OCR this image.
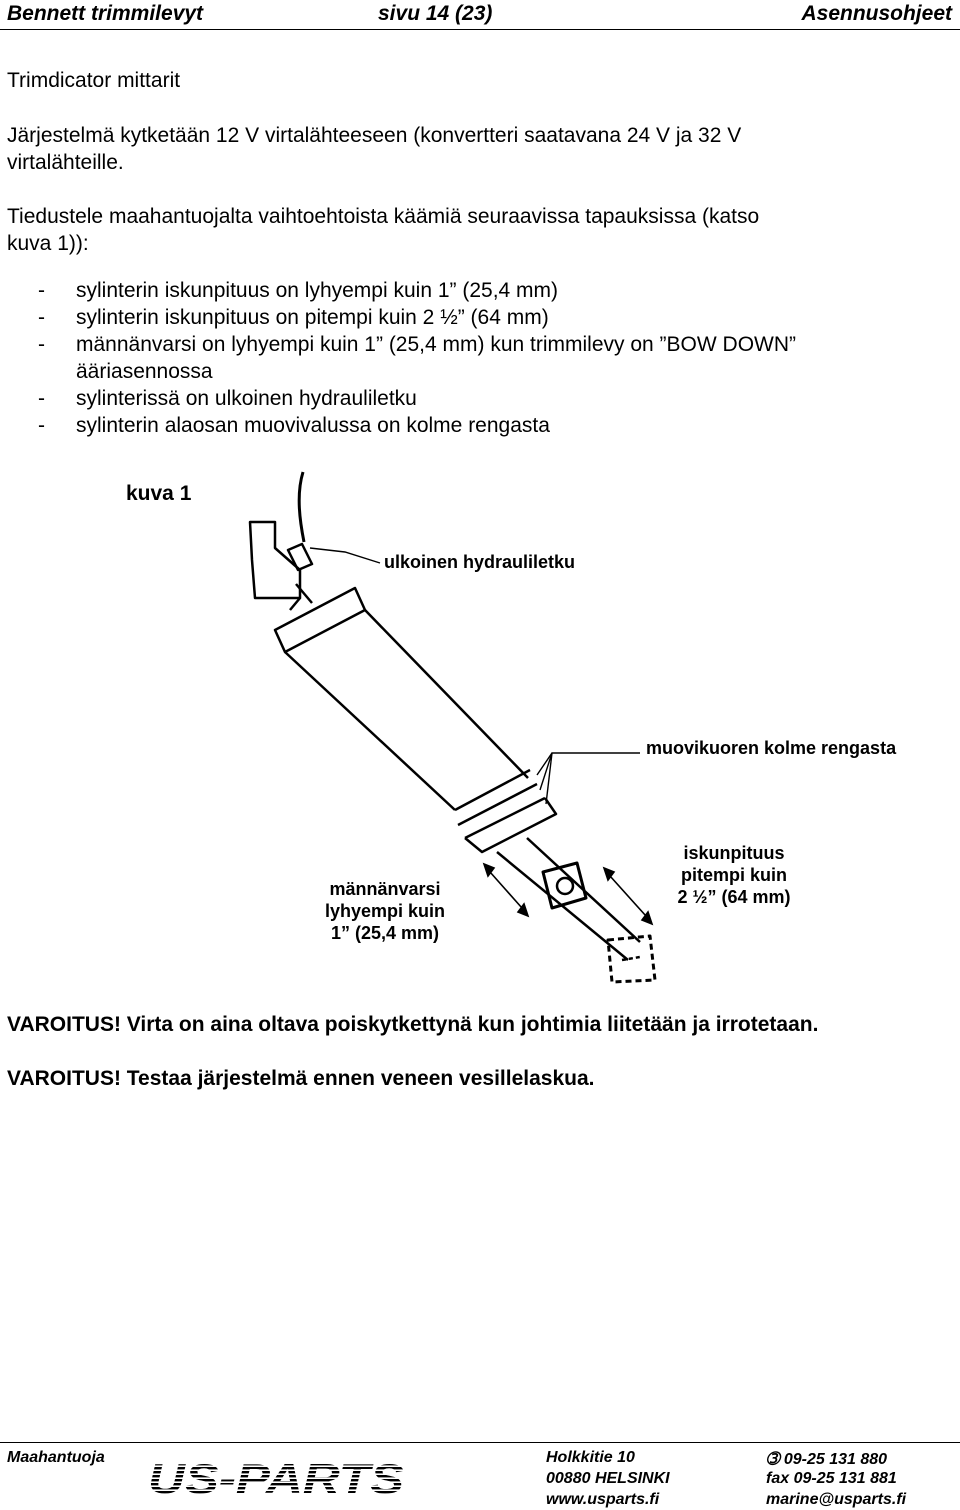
Bennett trimmilevyt	sivu 14 (23)	Asennusohjeet
Trimdicator mittarit
Järjestelmä kytketään 12 V virtalähteeseen (konvertteri saatavana 24 V ja 32 V
virtalähteille.
Tiedustele maahantuojalta vaihtoehtoista käämiä seuraavissa tapauksissa (katso
kuva 1)):
- sylinterin iskunpituus on lyhyempi kuin 1” (25,4 mm)
- sylinterin iskunpituus on pitempi kuin 2 ½” (64 mm)
- männänvarsi on lyhyempi kuin 1” (25,4 mm) kun trimmilevy on ”BOW DOWN”
ääriasennossa
- sylinterissä on ulkoinen hydrauliletku
- sylinterin alaosan muovivalussa on kolme rengasta
kuva 1
ulkoinen hydrauliletku
muovikuoren kolme rengasta
männänvarsi
lyhyempi kuin
1” (25,4 mm)
iskunpituus
pitempi kuin
2 ½” (64 mm)
VAROITUS! Virta on aina oltava poiskytkettynä kun johtimia liitetään ja irrotetaan.
VAROITUS! Testaa järjestelmä ennen veneen vesillelaskua.
Maahantuoja US-PARTS	Holkkitie 10
00880 HELSINKI
www.usparts.fi
➂ 09-25 131 880
fax 09-25 131 881
marine@usparts.fi
